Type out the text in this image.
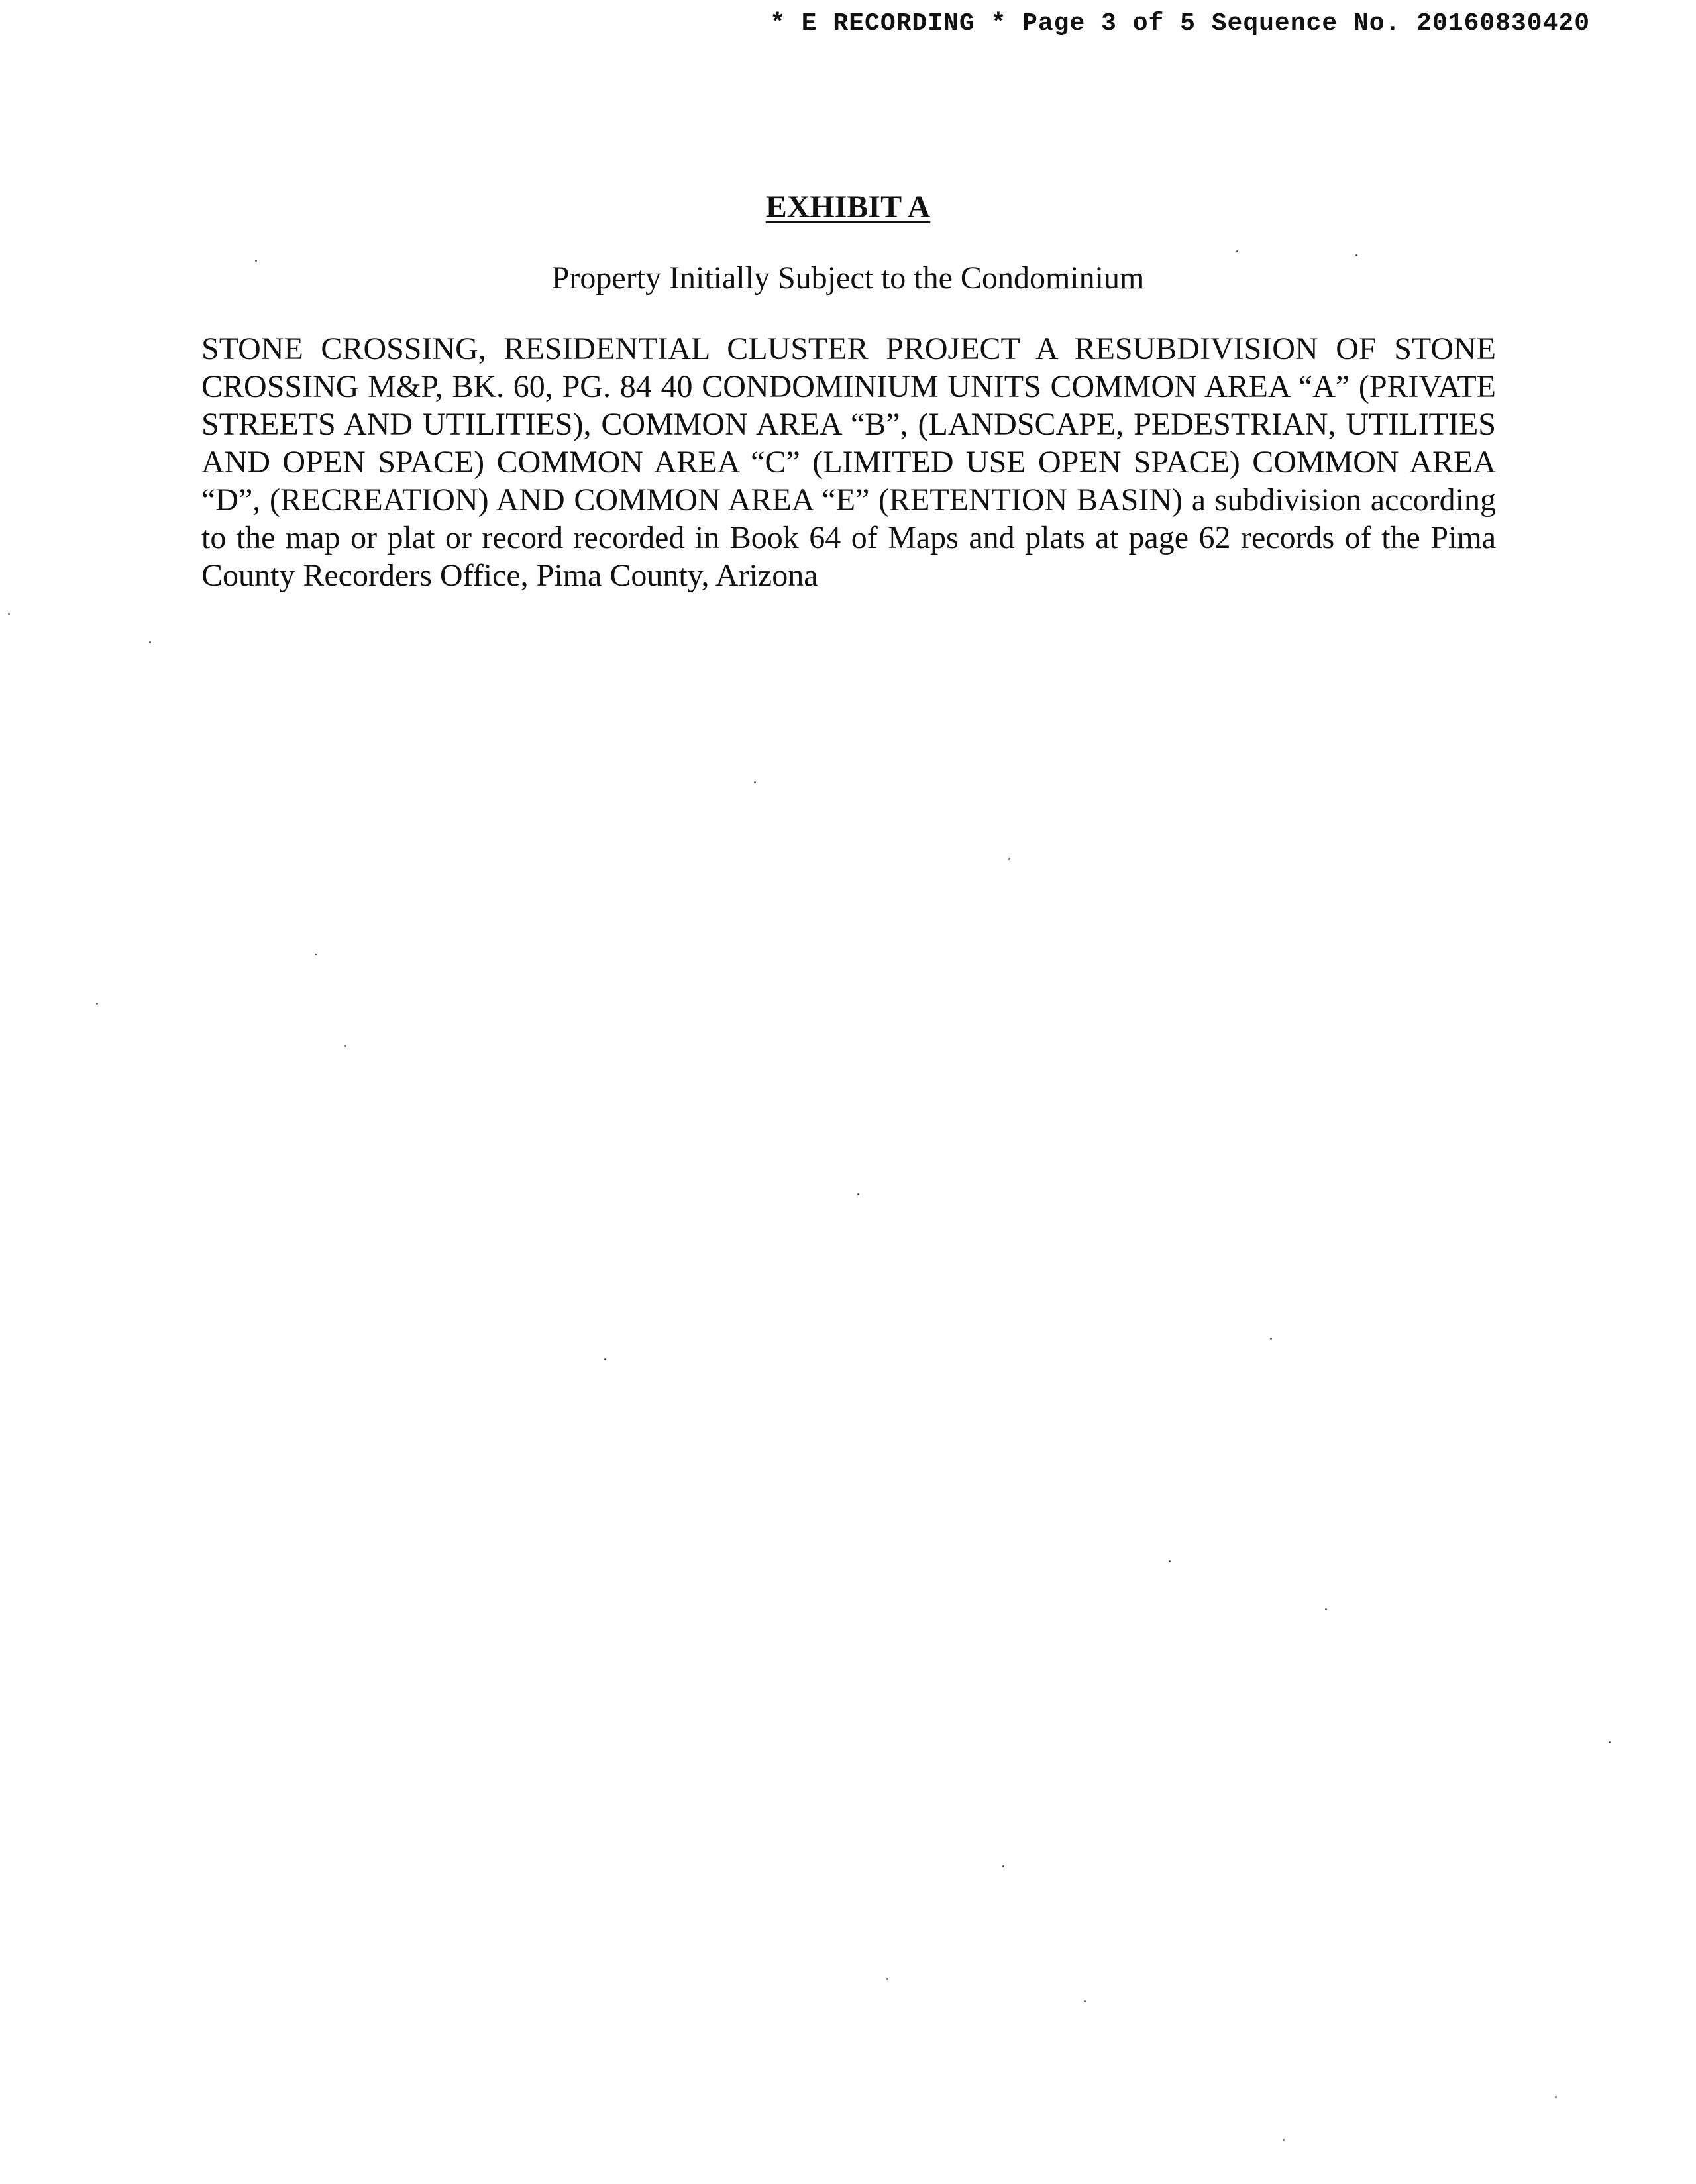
* E RECORDING * Page 3 of 5 Sequence No. 20160830420
EXHIBIT A
Property Initially Subject to the Condominium

STONE CROSSING, RESIDENTIAL CLUSTER PROJECT A RESUBDIVISION OF STONE CROSSING M&P, BK. 60, PG. 84 40 CONDOMINIUM UNITS COMMON AREA “A” (PRIVATE STREETS AND UTILITIES), COMMON AREA “B”, (LANDSCAPE, PEDESTRIAN, UTILITIES AND OPEN SPACE) COMMON AREA “C” (LIMITED USE OPEN SPACE) COMMON AREA “D”, (RECREATION) AND COMMON AREA “E” (RETENTION BASIN) a subdivision according to the map or plat or record recorded in Book 64 of Maps and plats at page 62 records of the Pima County Recorders Office, Pima County, Arizona
